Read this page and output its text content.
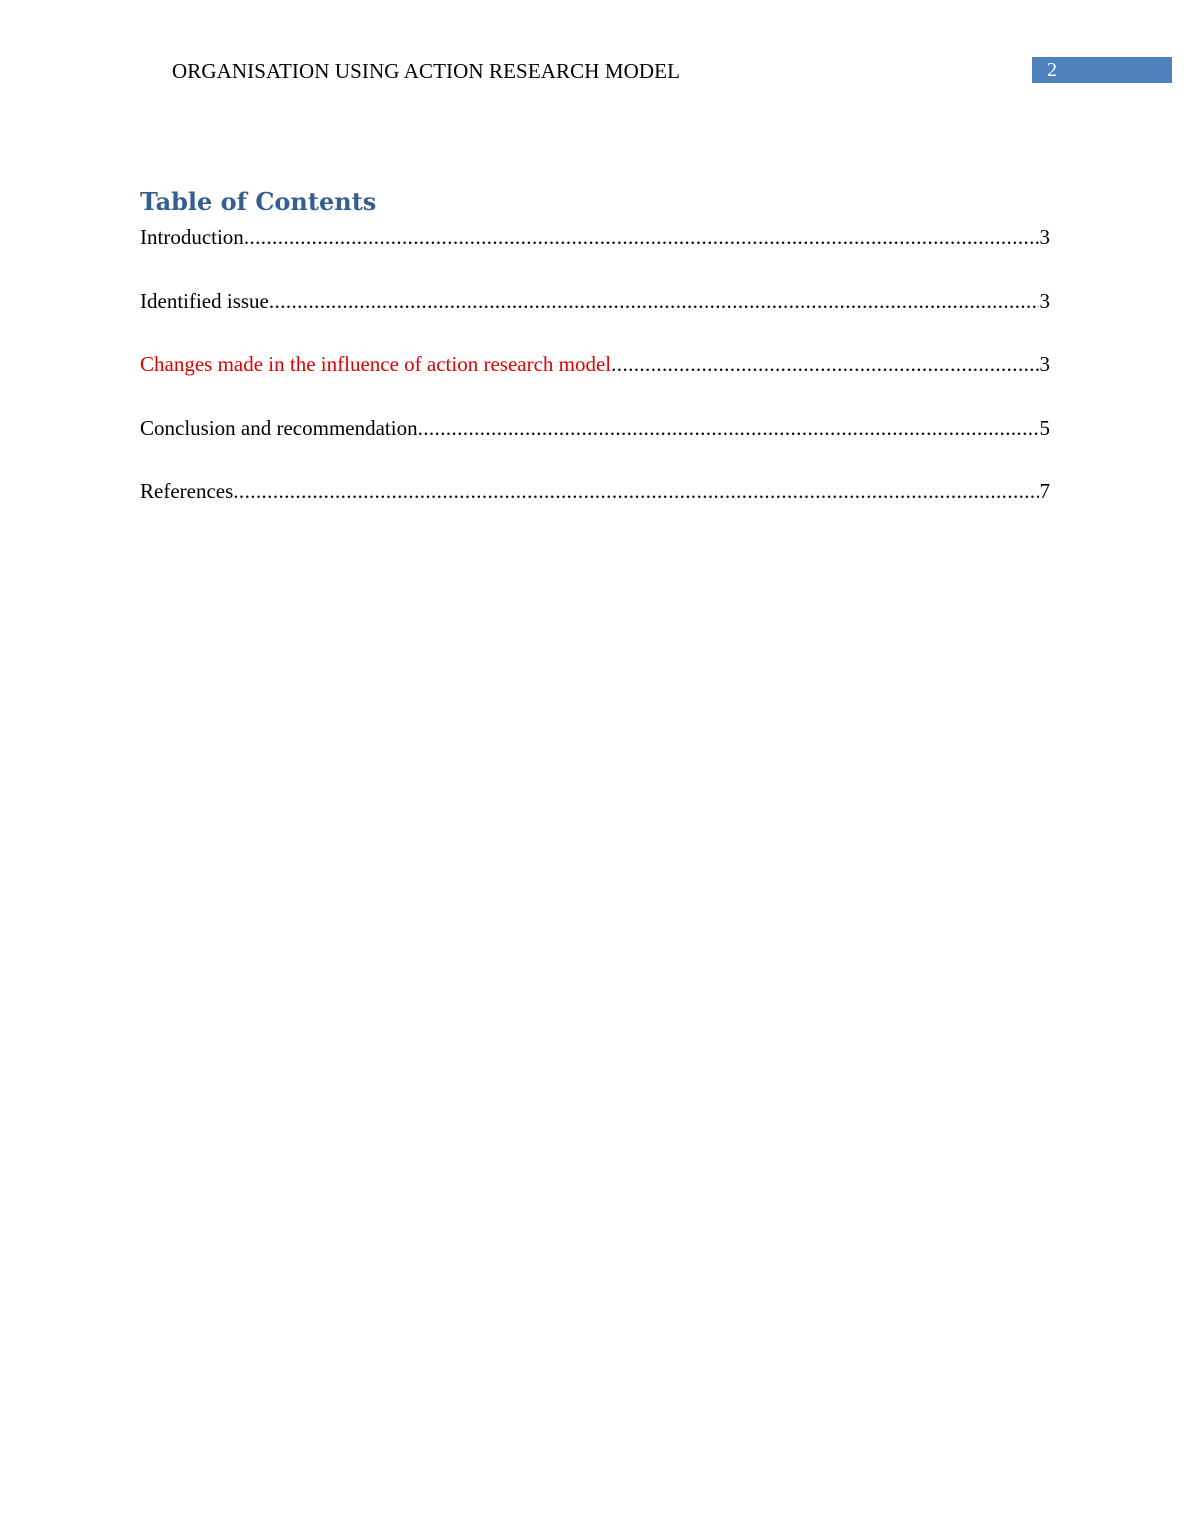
ORGANISATION USING ACTION RESEARCH MODEL	2
Table of Contents
Introduction .....	3
Identified issue .....	3
Changes made in the influence of action research model .....	3
Conclusion and recommendation .....	5
References .....	7
